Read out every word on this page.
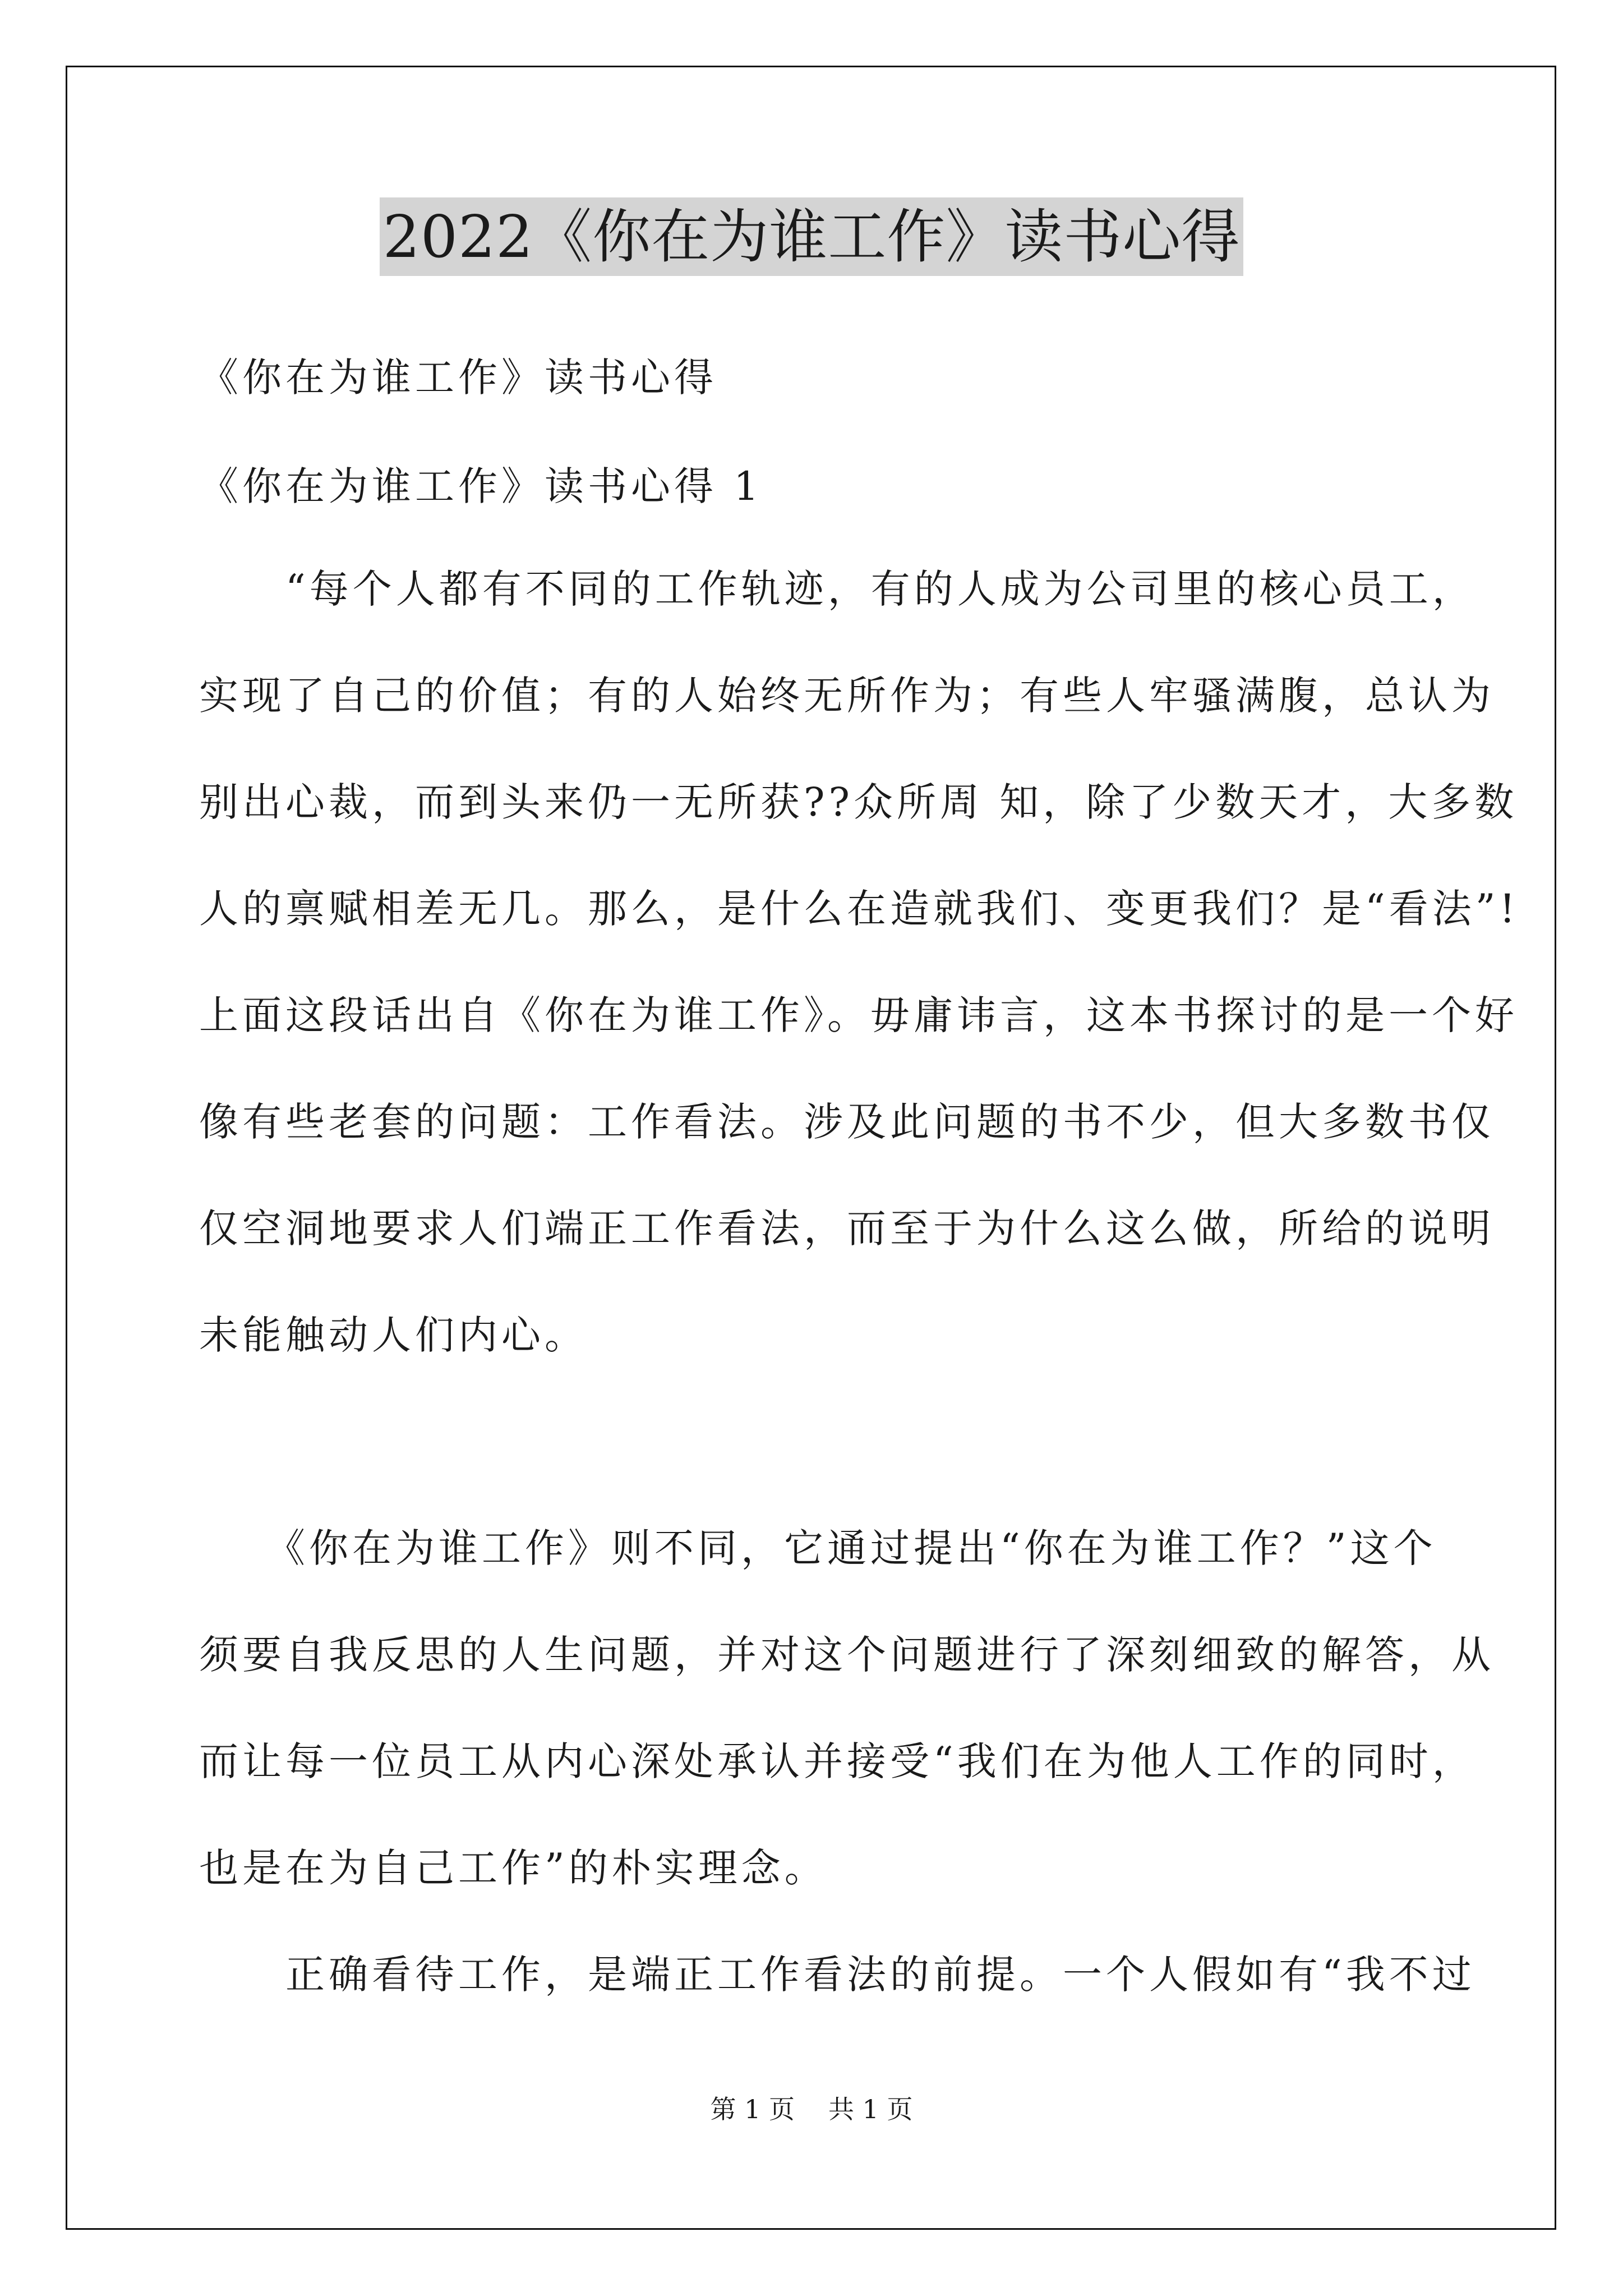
2022《你在为谁工作》读书心得
《你在为谁工作》读书心得
《你在为谁工作》读书心得 1
　　“每个人都有不同的工作轨迹，有的人成为公司里的核心员工，
实现了自己的价值；有的人始终无所作为；有些人牢骚满腹，总认为
别出心裁，而到头来仍一无所获??众所周 知，除了少数天才，大多数
人的禀赋相差无几。那么，是什么在造就我们、变更我们？是“看法”!
上面这段话出自《你在为谁工作》。毋庸讳言，这本书探讨的是一个好
像有些老套的问题：工作看法。涉及此问题的书不少，但大多数书仅
仅空洞地要求人们端正工作看法，而至于为什么这么做，所给的说明
未能触动人们内心。
　　《你在为谁工作》则不同，它通过提出“你在为谁工作？”这个
须要自我反思的人生问题，并对这个问题进行了深刻细致的解答，从
而让每一位员工从内心深处承认并接受“我们在为他人工作的同时，
也是在为自己工作”的朴实理念。
　　正确看待工作，是端正工作看法的前提。一个人假如有“我不过
第 1 页 共 1 页
